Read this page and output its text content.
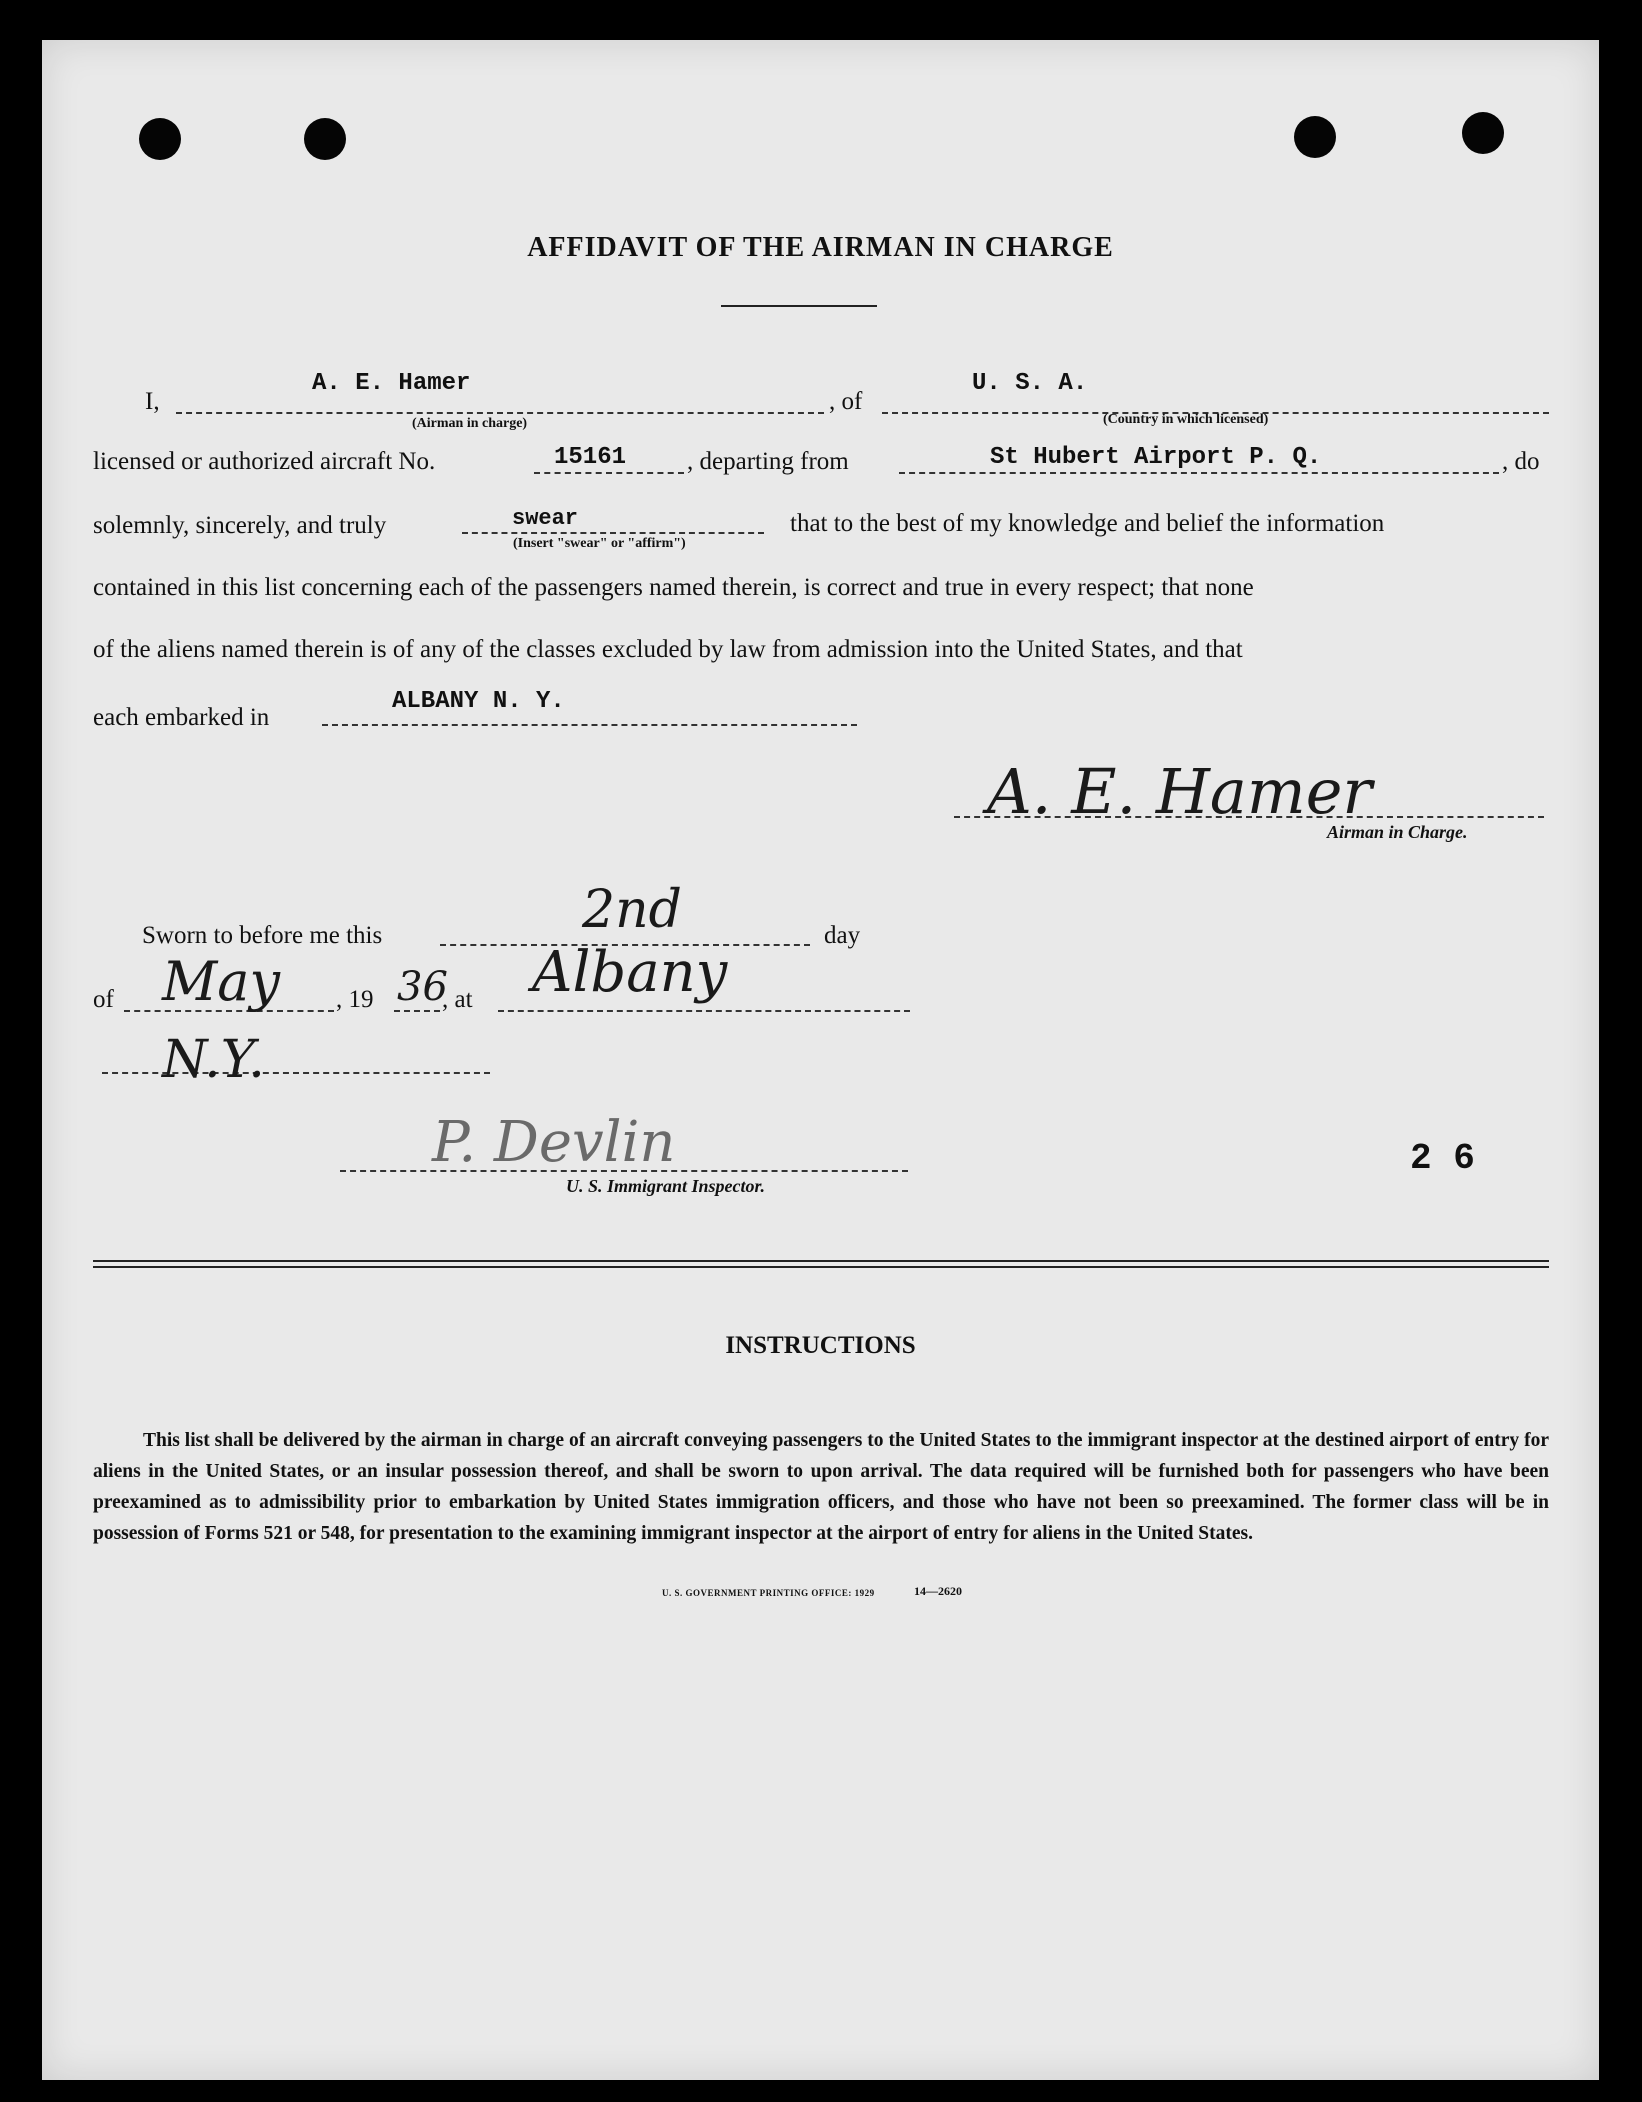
AFFIDAVIT OF THE AIRMAN IN CHARGE
I,
A. E. Hamer
(Airman in charge)
, of
U. S. A.
(Country in which licensed)
licensed or authorized aircraft No.	15161 , departing from	St Hubert Airport P. Q.	, do
solemnly, sincerely, and truly	swear
(Insert "swear" or "affirm")
that to the best of my knowledge and belief the information
contained in this list concerning each of the passengers named therein, is correct and true in every respect; that none
of the aliens named therein is of any of the classes excluded by law from admission into the United States, and that
each embarked in
ALBANY N. Y.
A. E. Hamer
Airman in Charge.
Sworn to before me this	2nd	day
of May , 19 36
, at Albany
N.Y.
P. Devlin
U. S. Immigrant Inspector.
2 6
INSTRUCTIONS
This list shall be delivered by the airman in charge of an aircraft conveying passengers to the United States to the immigrant inspector at the destined airport of entry for aliens in the United States, or an insular possession thereof, and shall be sworn to upon arrival. The data required will be furnished both for passengers who have been preexamined as to admissibility prior to embarkation by United States immigration officers, and those who have not been so preexamined. The former class will be in possession of Forms 521 or 548, for presentation to the examining immigrant inspector at the airport of entry for aliens in the United States.
U. S. GOVERNMENT PRINTING OFFICE: 1929	14—2620
